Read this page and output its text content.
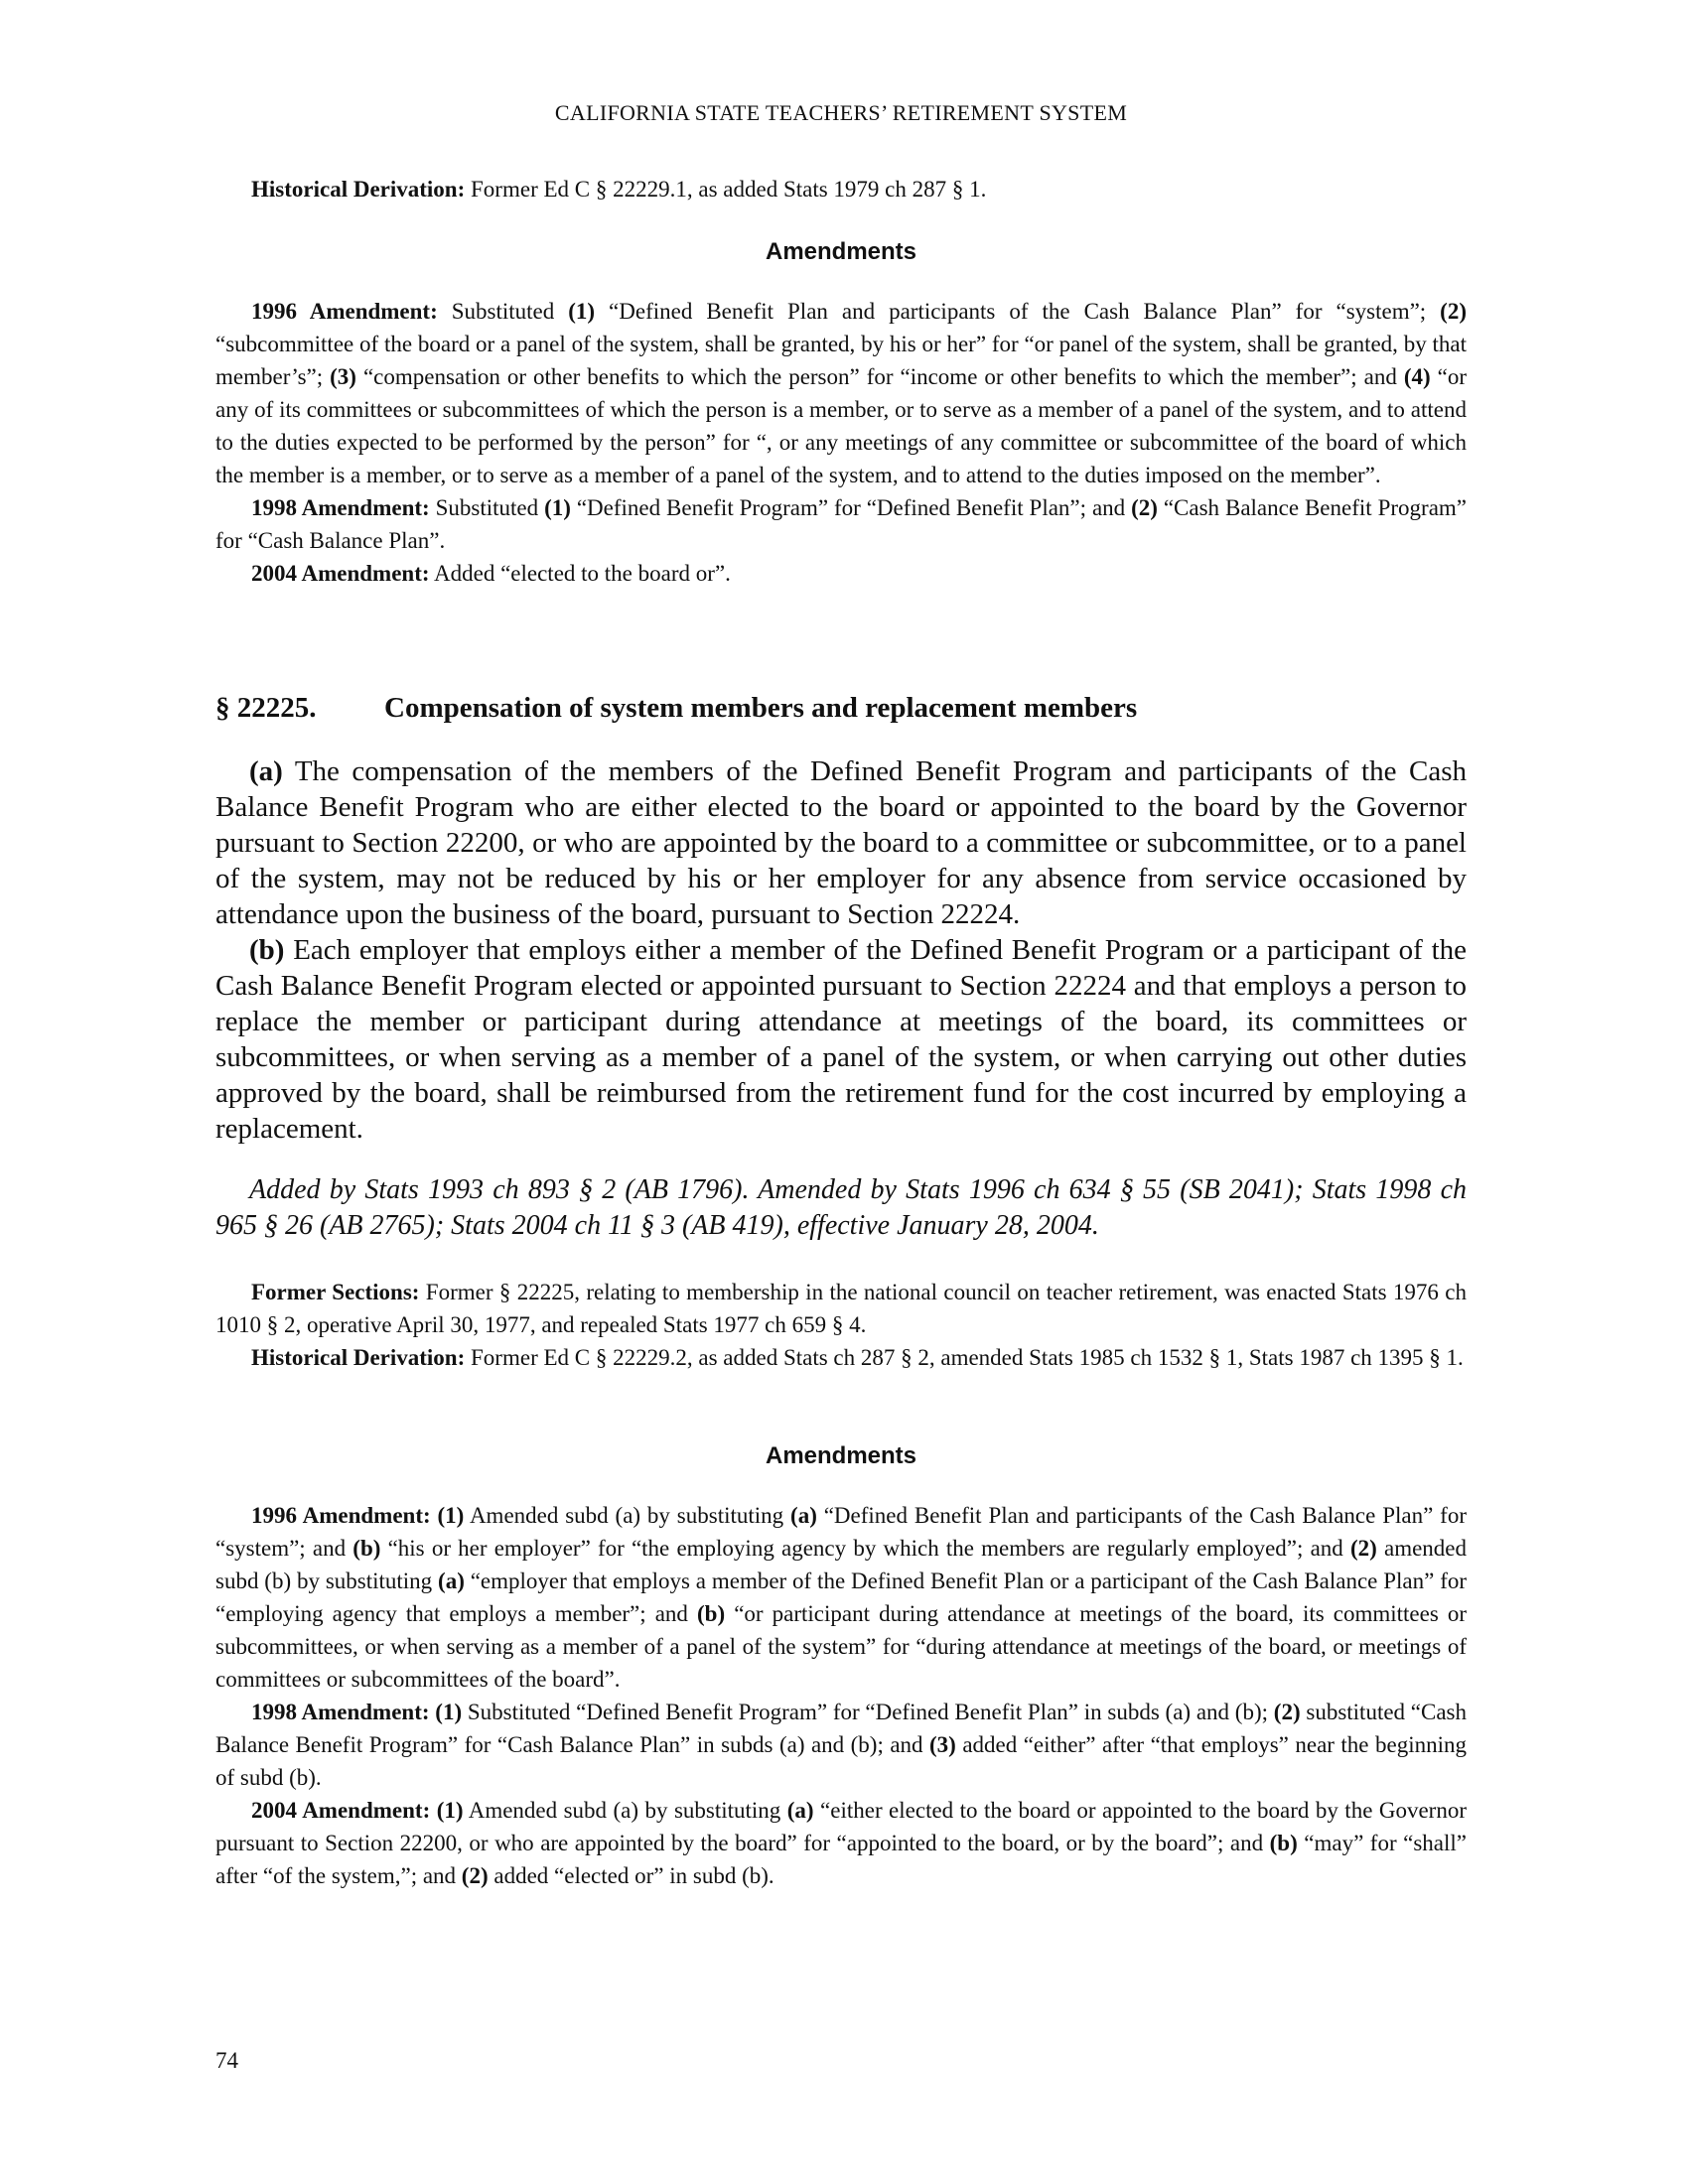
CALIFORNIA STATE TEACHERS’ RETIREMENT SYSTEM

Historical Derivation: Former Ed C § 22229.1, as added Stats 1979 ch 287 § 1.

Amendments

1996 Amendment: Substituted (1) “Defined Benefit Plan and participants of the Cash Balance Plan” for “system”; (2) “subcommittee of the board or a panel of the system, shall be granted, by his or her” for “or panel of the system, shall be granted, by that member’s”; (3) “compensation or other benefits to which the person” for “income or other benefits to which the member”; and (4) “or any of its committees or subcommittees of which the person is a member, or to serve as a member of a panel of the system, and to attend to the duties expected to be performed by the person” for “, or any meetings of any committee or subcommittee of the board of which the member is a member, or to serve as a member of a panel of the system, and to attend to the duties imposed on the member”.

1998 Amendment: Substituted (1) “Defined Benefit Program” for “Defined Benefit Plan”; and (2) “Cash Balance Benefit Program” for “Cash Balance Plan”.

2004 Amendment: Added “elected to the board or”.

§ 22225. Compensation of system members and replacement members

(a) The compensation of the members of the Defined Benefit Program and participants of the Cash Balance Benefit Program who are either elected to the board or appointed to the board by the Governor pursuant to Section 22200, or who are appointed by the board to a committee or subcommittee, or to a panel of the system, may not be reduced by his or her employer for any absence from service occasioned by attendance upon the business of the board, pursuant to Section 22224.

(b) Each employer that employs either a member of the Defined Benefit Program or a participant of the Cash Balance Benefit Program elected or appointed pursuant to Section 22224 and that employs a person to replace the member or participant during attendance at meetings of the board, its committees or subcommittees, or when serving as a member of a panel of the system, or when carrying out other duties approved by the board, shall be reimbursed from the retirement fund for the cost incurred by employing a replacement.

Added by Stats 1993 ch 893 § 2 (AB 1796). Amended by Stats 1996 ch 634 § 55 (SB 2041); Stats 1998 ch 965 § 26 (AB 2765); Stats 2004 ch 11 § 3 (AB 419), effective January 28, 2004.

Former Sections: Former § 22225, relating to membership in the national council on teacher retirement, was enacted Stats 1976 ch 1010 § 2, operative April 30, 1977, and repealed Stats 1977 ch 659 § 4.

Historical Derivation: Former Ed C § 22229.2, as added Stats ch 287 § 2, amended Stats 1985 ch 1532 § 1, Stats 1987 ch 1395 § 1.

Amendments

1996 Amendment: (1) Amended subd (a) by substituting (a) “Defined Benefit Plan and participants of the Cash Balance Plan” for “system”; and (b) “his or her employer” for “the employing agency by which the members are regularly employed”; and (2) amended subd (b) by substituting (a) “employer that employs a member of the Defined Benefit Plan or a participant of the Cash Balance Plan” for “employing agency that employs a member”; and (b) “or participant during attendance at meetings of the board, its committees or subcommittees, or when serving as a member of a panel of the system” for “during attendance at meetings of the board, or meetings of committees or subcommittees of the board”.

1998 Amendment: (1) Substituted “Defined Benefit Program” for “Defined Benefit Plan” in subds (a) and (b); (2) substituted “Cash Balance Benefit Program” for “Cash Balance Plan” in subds (a) and (b); and (3) added “either” after “that employs” near the beginning of subd (b).

2004 Amendment: (1) Amended subd (a) by substituting (a) “either elected to the board or appointed to the board by the Governor pursuant to Section 22200, or who are appointed by the board” for “appointed to the board, or by the board”; and (b) “may” for “shall” after “of the system,”; and (2) added “elected or” in subd (b).

74
